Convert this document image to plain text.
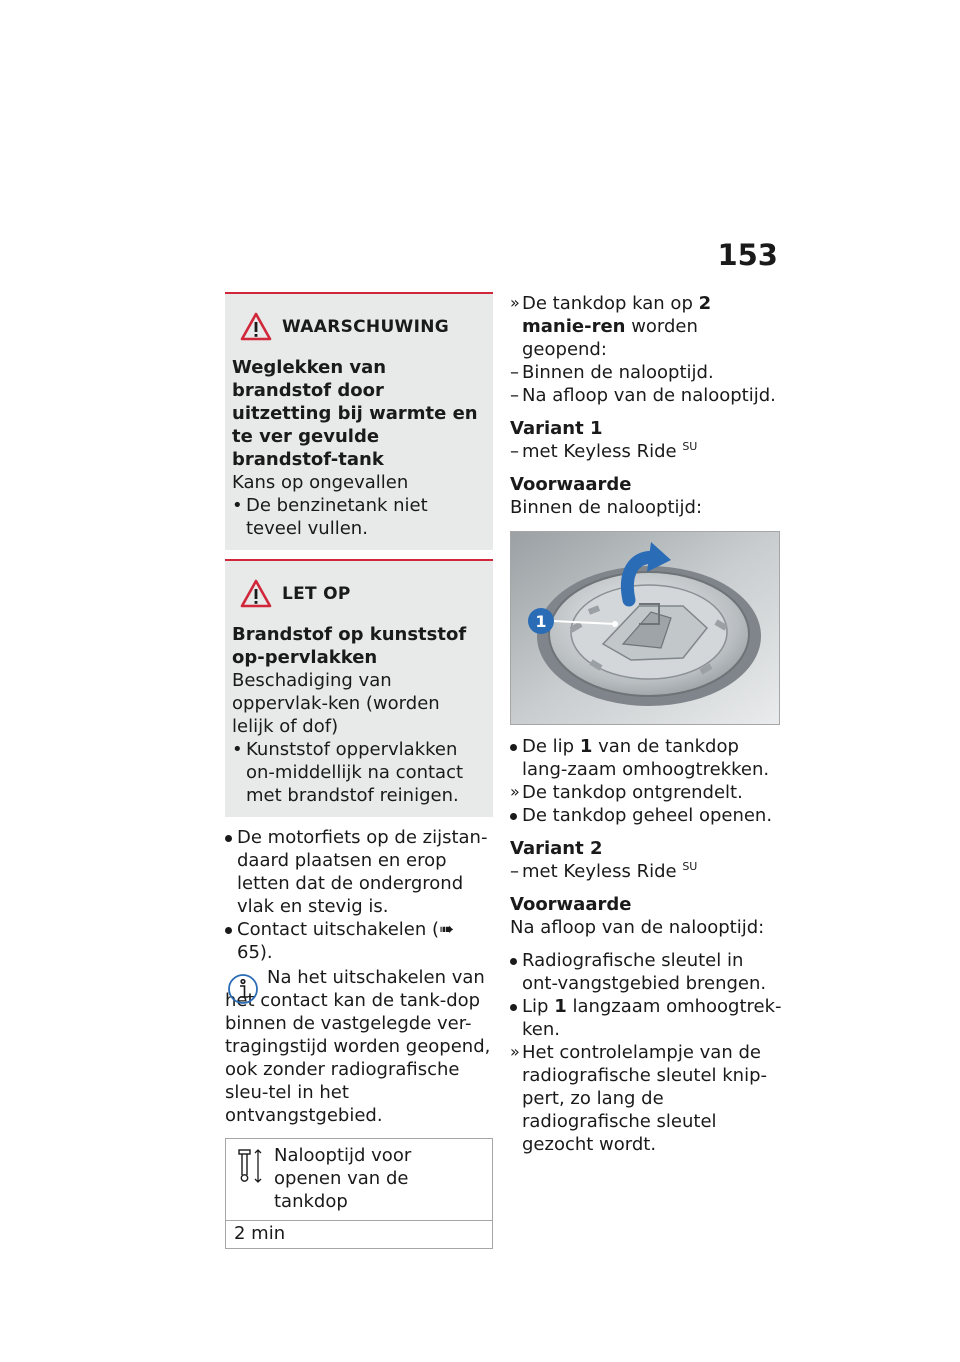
153
WAARSCHUWING
Weglekken van brandstof door uitzetting bij warmte en te ver gevulde brandstof-tank
Kans op ongevallen
• De benzinetank niet teveel vullen.
LET OP
Brandstof op kunststof op-pervlakken
Beschadiging van oppervlak-ken (worden lelijk of dof)
• Kunststof oppervlakken on-middellijk na contact met brandstof reinigen.
De motorfiets op de zijstan-daard plaatsen en erop letten dat de ondergrond vlak en stevig is.
Contact uitschakelen (➠ 65).
Na het uitschakelen van het contact kan de tank-dop binnen de vastgelegde ver-tragingstijd worden geopend, ook zonder radiografische sleu-tel in het ontvangstgebied.
Nalooptijd voor openen van de tankdop
2 min
» De tankdop kan op 2 manie-ren worden geopend:
– Binnen de nalooptijd.
– Na afloop van de nalooptijd.
Variant 1
– met Keyless Ride $^{SU}$
Voorwaarde
Binnen de nalooptijd:
1
De lip 1 van de tankdop lang-zaam omhoogtrekken.
» De tankdop ontgrendelt.
De tankdop geheel openen.
Variant 2
– met Keyless Ride $^{SU}$
Voorwaarde
Na afloop van de nalooptijd:
Radiografische sleutel in ont-vangstgebied brengen.
Lip 1 langzaam omhoogtrek-ken.
» Het controlelampje van de radiografische sleutel knip-pert, zo lang de radiografische sleutel gezocht wordt.
